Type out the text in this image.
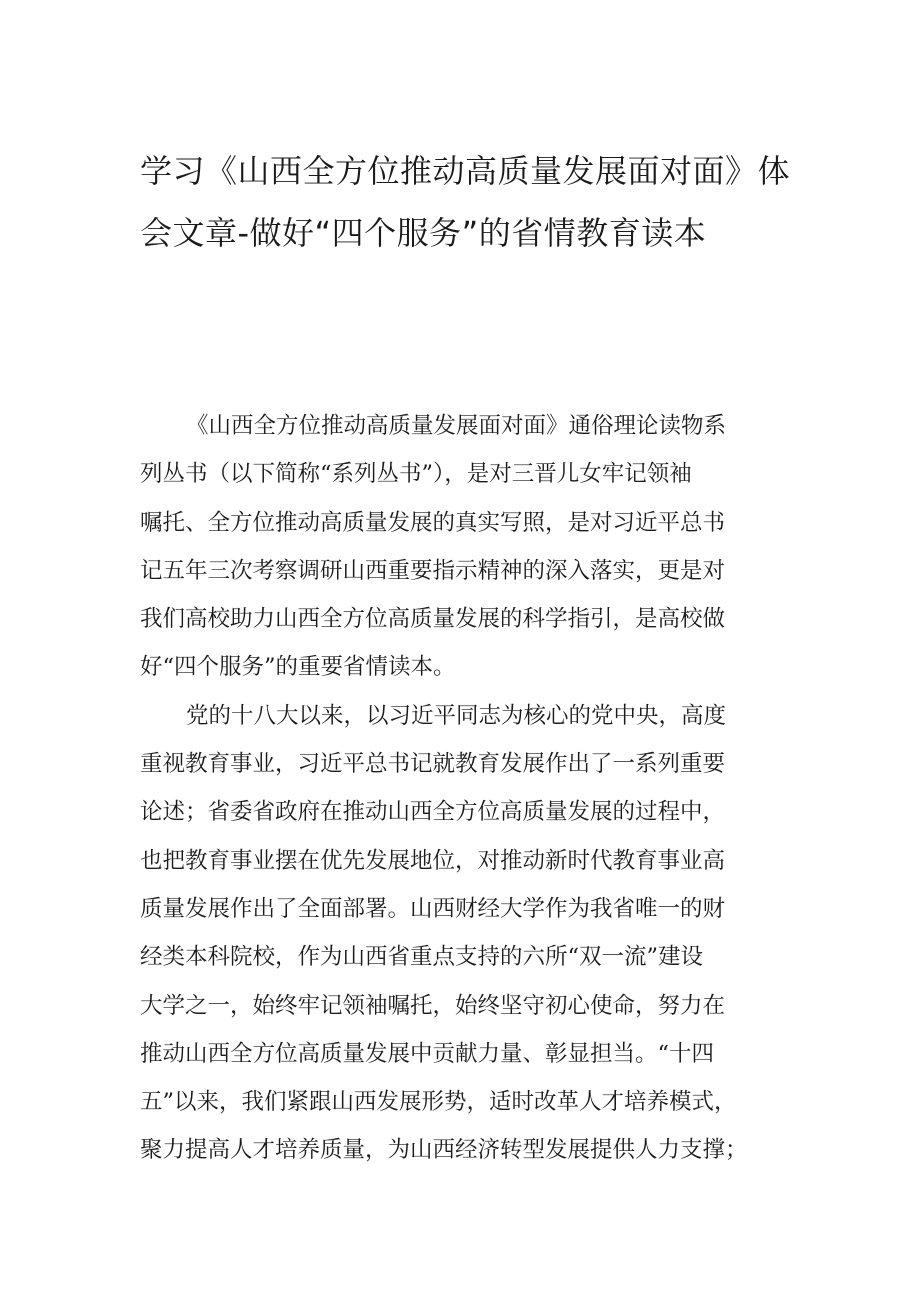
学习《山西全方位推动高质量发展面对面》体
会文章-做好“四个服务”的省情教育读本
《山西全方位推动高质量发展面对面》通俗理论读物系
列丛书（以下简称“系列丛书”），是对三晋儿女牢记领袖
嘱托、全方位推动高质量发展的真实写照，是对习近平总书
记五年三次考察调研山西重要指示精神的深入落实，更是对
我们高校助力山西全方位高质量发展的科学指引，是高校做
好“四个服务”的重要省情读本。
党的十八大以来，以习近平同志为核心的党中央，高度
重视教育事业，习近平总书记就教育发展作出了一系列重要
论述；省委省政府在推动山西全方位高质量发展的过程中，
也把教育事业摆在优先发展地位，对推动新时代教育事业高
质量发展作出了全面部署。山西财经大学作为我省唯一的财
经类本科院校，作为山西省重点支持的六所“双一流”建设
大学之一，始终牢记领袖嘱托，始终坚守初心使命，努力在
推动山西全方位高质量发展中贡献力量、彰显担当。“十四
五”以来，我们紧跟山西发展形势，适时改革人才培养模式，
聚力提高人才培养质量，为山西经济转型发展提供人力支撑；
